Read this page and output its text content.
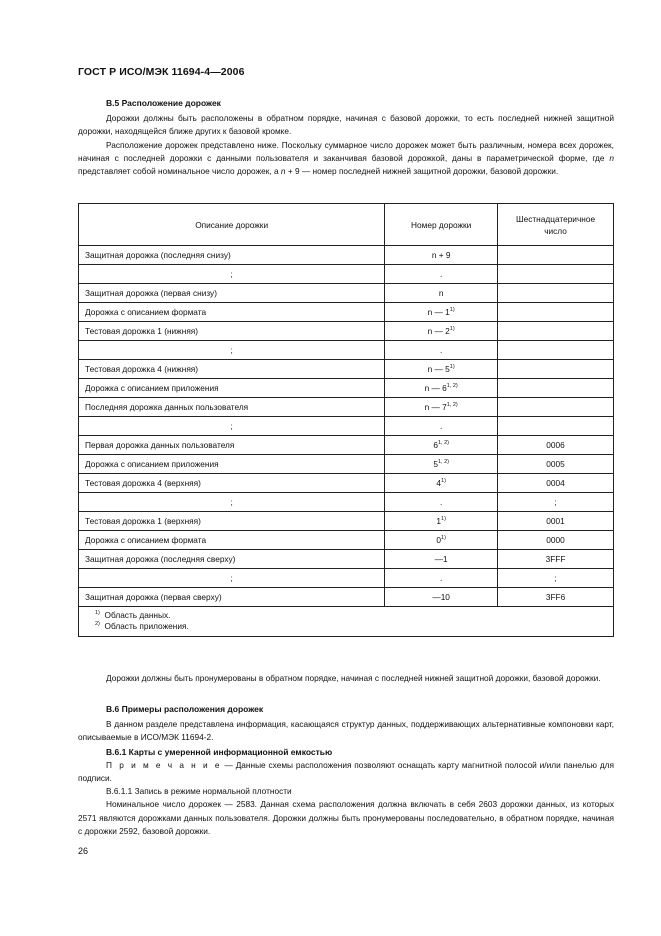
ГОСТ Р ИСО/МЭК 11694-4—2006
B.5 Расположение дорожек

Дорожки должны быть расположены в обратном порядке, начиная с базовой дорожки, то есть последней нижней защитной дорожки, находящейся ближе других к базовой кромке.

Расположение дорожек представлено ниже. Поскольку суммарное число дорожек может быть различным, номера всех дорожек, начиная с последней дорожки с данными пользователя и заканчивая базовой дорожкой, даны в параметрической форме, где n представляет собой номинальное число дорожек, а n + 9 — номер последней нижней защитной дорожки, базовой дорожки.

Описание дорожки	Номер дорожки	Шестнадцатеричное число
Защитная дорожка (последняя снизу)	n + 9	
;	.	
Защитная дорожка (первая снизу)	n	
Дорожка с описанием формата	n — 1$^{1)}$	
Тестовая дорожка 1 (нижняя)	n — 2$^{1)}$	
;	.	
Тестовая дорожка 4 (нижняя)	n — 5$^{1)}$	
Дорожка с описанием приложения	n — 6$^{1, 2)}$	
Последняя дорожка данных пользователя	n — 7$^{1, 2)}$	
;	.	
Первая дорожка данных пользователя	6$^{1, 2)}$	0006
Дорожка с описанием приложения	5$^{1, 2)}$	0005
Тестовая дорожка 4 (верхняя)	4$^{1)}$	0004
;	.	;
Тестовая дорожка 1 (верхняя)	1$^{1)}$	0001
Дорожка с описанием формата	0$^{1)}$	0000
Защитная дорожка (последняя сверху)	—1	3FFF
;	.	;
Защитная дорожка (первая сверху)	—10	3FF6

$^{1)}$ Область данных.
$^{2)}$ Область приложения.		

Дорожки должны быть пронумерованы в обратном порядке, начиная с последней нижней защитной дорожки, базовой дорожки.

B.6 Примеры расположения дорожек

В данном разделе представлена информация, касающаяся структур данных, поддерживающих альтернативные компоновки карт, описываемые в ИСО/МЭК 11694-2.

B.6.1 Карты с умеренной информационной емкостью

П р и м е ч а н и е — Данные схемы расположения позволяют оснащать карту магнитной полосой и/или панелью для подписи.

B.6.1.1 Запись в режиме нормальной плотности

Номинальное число дорожек — 2583. Данная схема расположения должна включать в себя 2603 дорожки данных, из которых 2571 являются дорожками данных пользователя. Дорожки должны быть пронумерованы последовательно, в обратном порядке, начиная с дорожки 2592, базовой дорожки.

26
